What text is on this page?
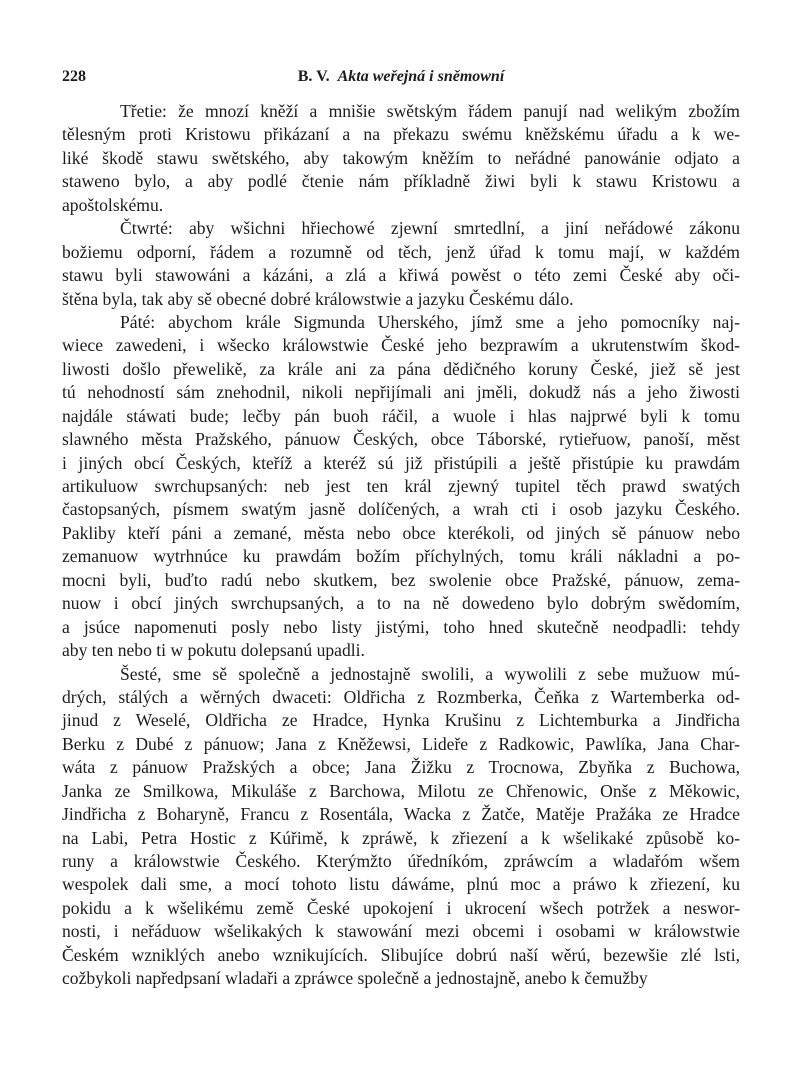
228	B. V. Akta weřejná i sněmowní
Třetie: že mnozí kněží a mnišie swětským řádem panují nad welikým zbožím
tělesným proti Kristowu přikázaní a na překazu swému kněžskému úřadu a k we-
liké škodě stawu swětského, aby takowým kněžím to neřádné panowánie odjato a
staweno bylo, a aby podlé čtenie nám příkladně žiwi byli k stawu Kristowu a
apoštolskému.
Čtwrté: aby wšichni hřiechowé zjewní smrtedlní, a jiní neřádowé zákonu
božiemu odporní, řádem a rozumně od těch, jenž úřad k tomu mají, w každém
stawu byli stawowáni a kázáni, a zlá a křiwá powěst o této zemi České aby oči-
štěna byla, tak aby sě obecné dobré králowstwie a jazyku Českému dálo.
Páté: abychom krále Sigmunda Uherského, jímž sme a jeho pomocníky naj-
wiece zawedeni, i wšecko králowstwie České jeho bezprawím a ukrutenstwím škod-
liwosti došlo přewelikě, za krále ani za pána dědičného koruny České, jiež sě jest
tú nehodností sám znehodnil, nikoli nepřijímali ani jměli, dokudž nás a jeho žiwosti
najdále stáwati bude; lečby pán buoh ráčil, a wuole i hlas najprwé byli k tomu
slawného města Pražského, pánuow Českých, obce Táborské, rytieřuow, panoší, měst
i jiných obcí Českých, kteříž a kteréž sú již přistúpili a ještě přistúpie ku prawdám
artikuluow swrchupsaných: neb jest ten král zjewný tupitel těch prawd swatých
častopsaných, písmem swatým jasně dolíčených, a wrah cti i osob jazyku Českého.
Pakliby kteří páni a zemané, města nebo obce kterékoli, od jiných sě pánuow nebo
zemanuow wytrhnúce ku prawdám božím příchylných, tomu králi nákladni a po-
mocni byli, buďto radú nebo skutkem, bez swolenie obce Pražské, pánuow, zema-
nuow i obcí jiných swrchupsaných, a to na ně dowedeno bylo dobrým swědomím,
a jsúce napomenuti posly nebo listy jistými, toho hned skutečně neodpadli: tehdy
aby ten nebo ti w pokutu dolepsanú upadli.
Šesté, sme sě společně a jednostajně swolili, a wywolili z sebe mužuow mú-
drých, stálých a wěrných dwaceti: Oldřicha z Rozmberka, Čeňka z Wartemberka od-
jinud z Weselé, Oldřicha ze Hradce, Hynka Krušinu z Lichtemburka a Jindřicha
Berku z Dubé z pánuow; Jana z Kněžewsi, Lideře z Radkowic, Pawlíka, Jana Char-
wáta z pánuow Pražských a obce; Jana Žižku z Trocnowa, Zbyňka z Buchowa,
Janka ze Smilkowa, Mikuláše z Barchowa, Milotu ze Chřenowic, Onše z Měkowic,
Jindřicha z Boharyně, Francu z Rosentála, Wacka z Žatče, Matěje Pražáka ze Hradce
na Labi, Petra Hostic z Kúřimě, k zpráwě, k zřiezení a k wšelikaké způsobě ko-
runy a králowstwie Českého. Kterýmžto úředníkóm, zpráwcím a wladařóm wšem
wespolek dali sme, a mocí tohoto listu dáwáme, plnú moc a práwo k zřiezení, ku
pokidu a k wšelikému země České upokojení i ukrocení wšech potržek a neswor-
nosti, i neřáduow wšelikakých k stawowání mezi obcemi i osobami w králowstwie
Českém wzniklých anebo wznikujících. Slibujíce dobrú naší wěrú, bezewšie zlé lsti,
cožbykoli napředpsaní wladaři a zpráwce společně a jednostajně, anebo k čemužby
